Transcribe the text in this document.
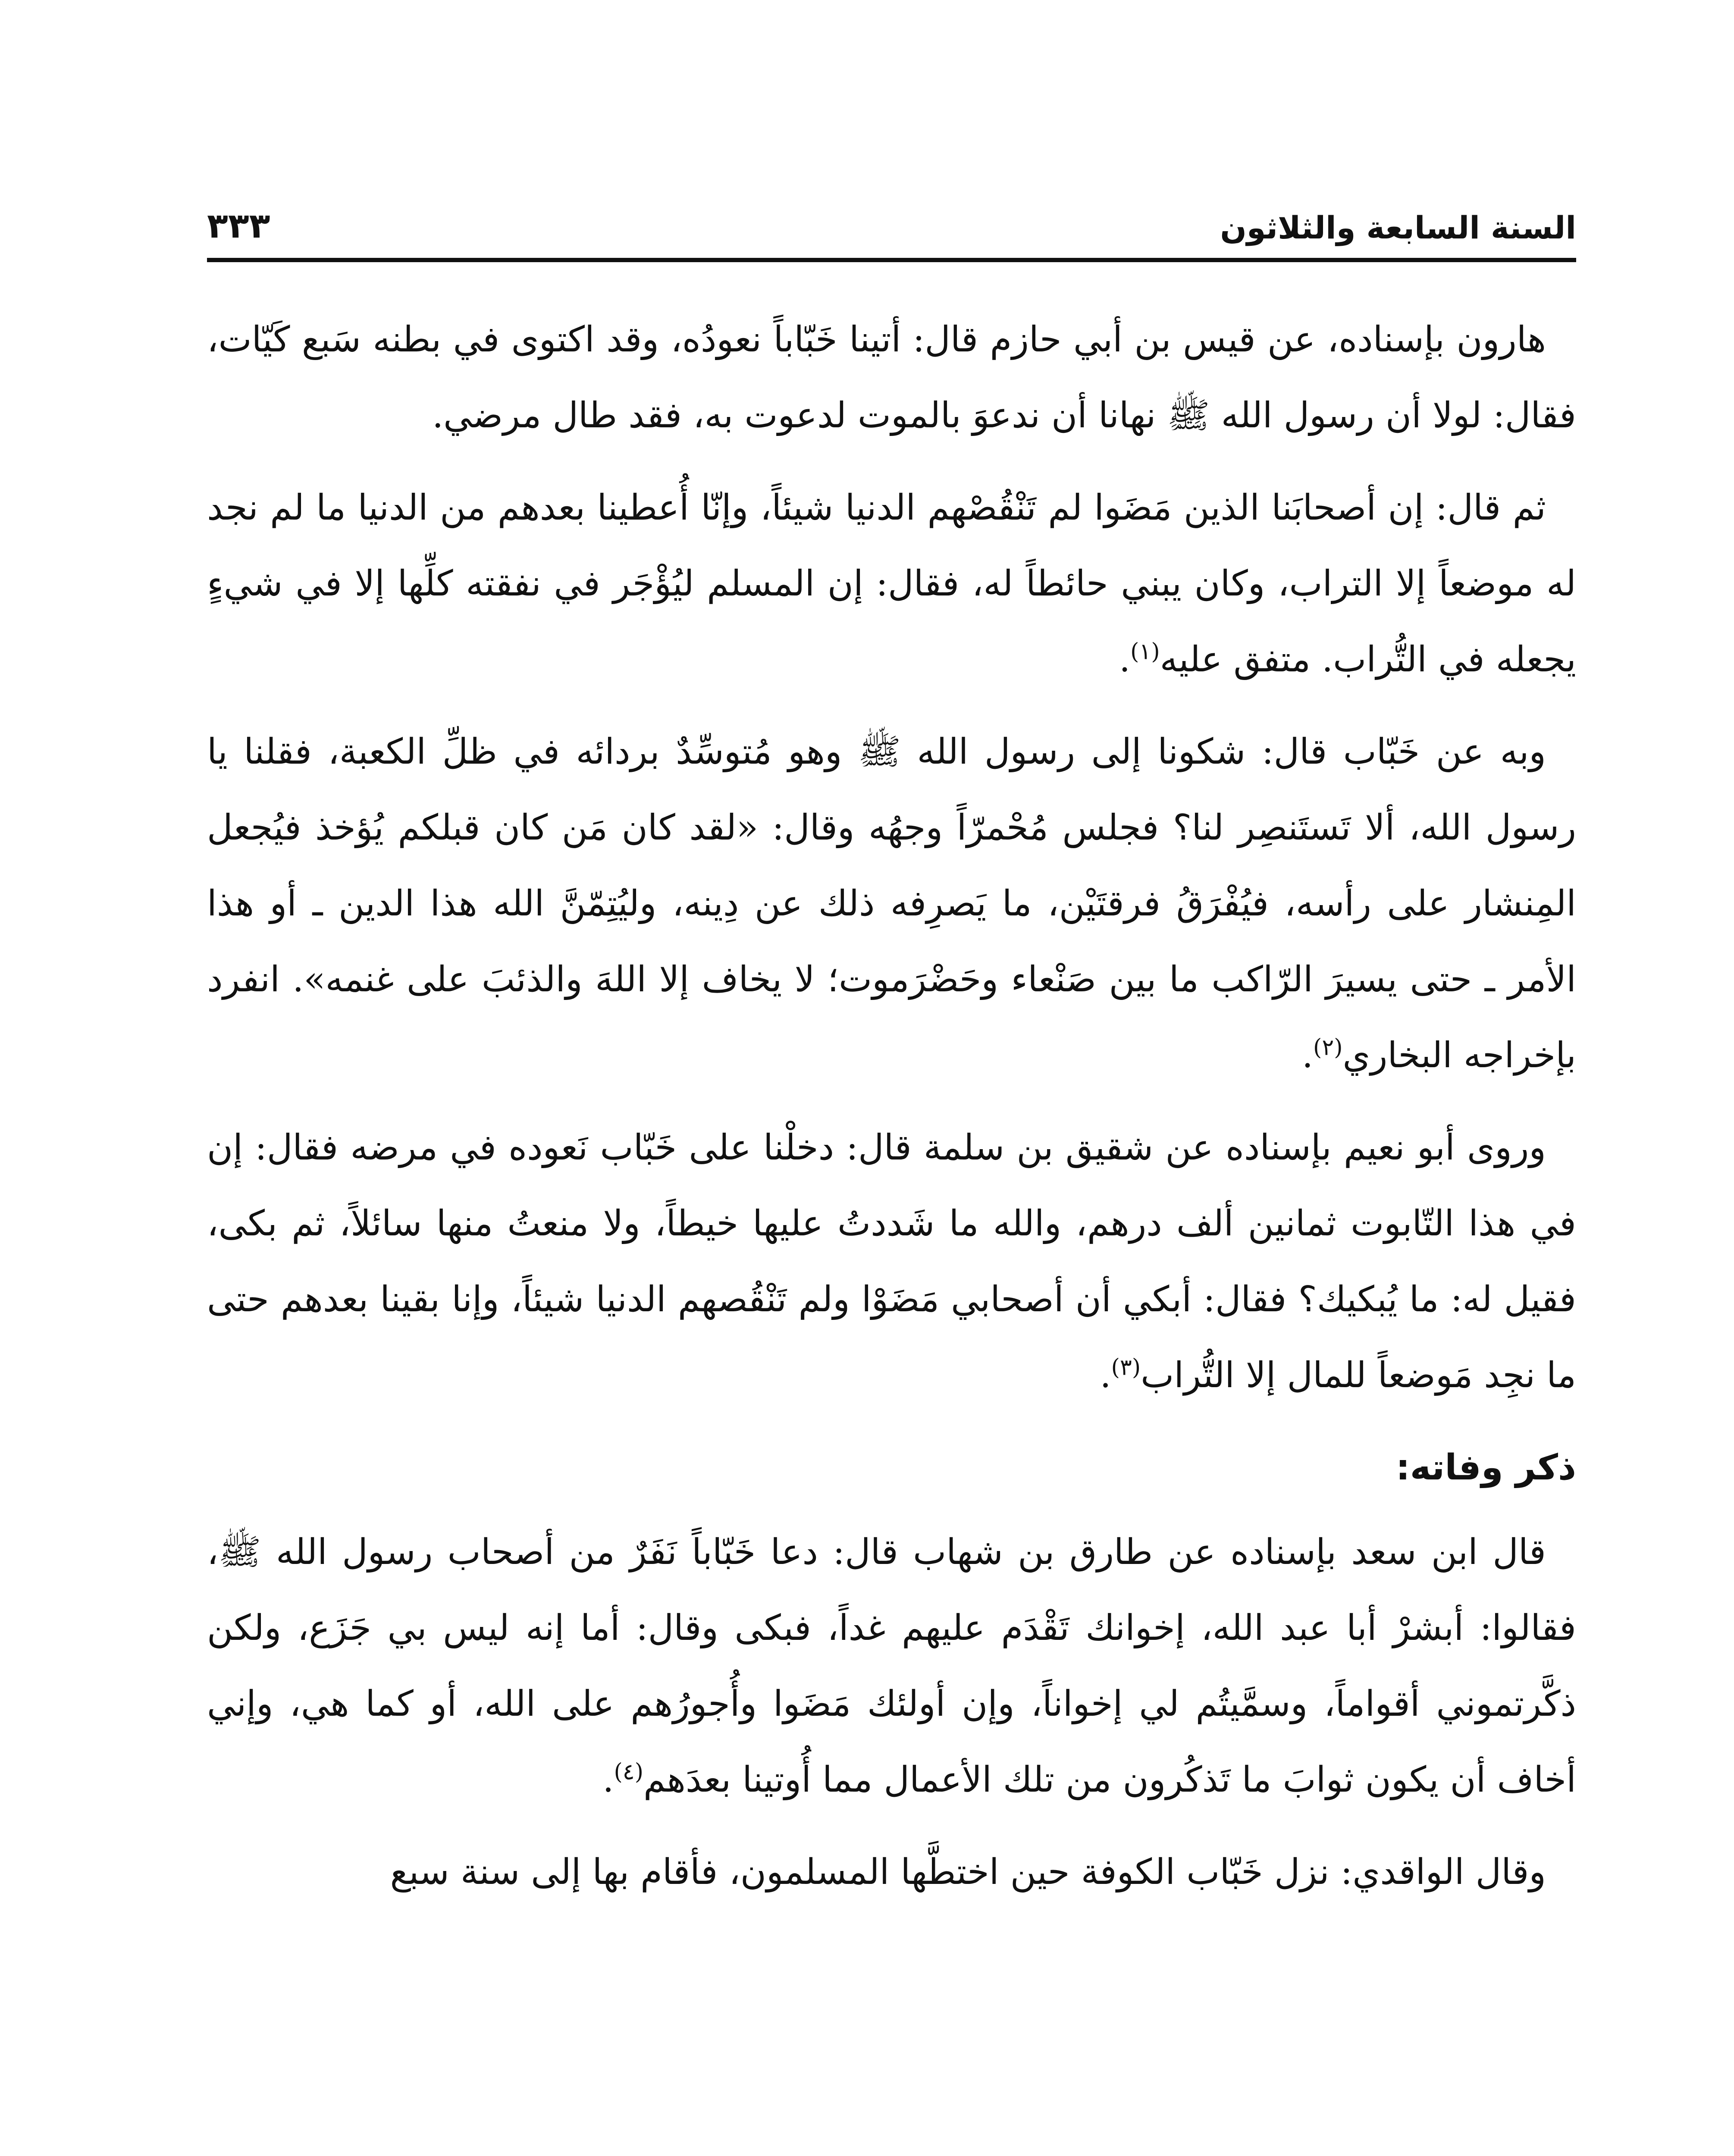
السنة السابعة والثلاثون
٣٣٣

هارون بإسناده، عن قيس بن أبي حازم قال: أتينا خَبّاباً نعودُه، وقد اكتوى في بطنه سَبع كَيّات، فقال: لولا أن رسول الله ﷺ نهانا أن ندعوَ بالموت لدعوت به، فقد طال مرضي.

ثم قال: إن أصحابَنا الذين مَضَوا لم تَنْقُصْهم الدنيا شيئاً، وإنّا أُعطينا بعدهم من الدنيا ما لم نجد له موضعاً إلا التراب، وكان يبني حائطاً له، فقال: إن المسلم ليُؤْجَر في نفقته كلِّها إلا في شيءٍ يجعله في التُّراب. متفق عليه$^{(١)}$.

وبه عن خَبّاب قال: شكونا إلى رسول الله ﷺ وهو مُتوسِّدٌ بردائه في ظلِّ الكعبة، فقلنا يا رسول الله، ألا تَستَنصِر لنا؟ فجلس مُحْمرّاً وجهُه وقال: «لقد كان مَن كان قبلكم يُؤخذ فيُجعل المِنشار على رأسه، فيُفْرَقُ فرقتَيْن، ما يَصرِفه ذلك عن دِينه، وليُتِمّنَّ الله هذا الدين ـ أو هذا الأمر ـ حتى يسيرَ الرّاكب ما بين صَنْعاء وحَضْرَموت؛ لا يخاف إلا اللهَ والذئبَ على غنمه». انفرد بإخراجه البخاري$^{(٢)}$.

وروى أبو نعيم بإسناده عن شقيق بن سلمة قال: دخلْنا على خَبّاب نَعوده في مرضه فقال: إن في هذا التّابوت ثمانين ألف درهم، والله ما شَددتُ عليها خيطاً، ولا منعتُ منها سائلاً، ثم بكى، فقيل له: ما يُبكيك؟ فقال: أبكي أن أصحابي مَضَوْا ولم تَنْقُصهم الدنيا شيئاً، وإنا بقينا بعدهم حتى ما نجِد مَوضعاً للمال إلا التُّراب$^{(٣)}$.

ذكر وفاته:

قال ابن سعد بإسناده عن طارق بن شهاب قال: دعا خَبّاباً نَفَرٌ من أصحاب رسول الله ﷺ، فقالوا: أبشرْ أبا عبد الله، إخوانك تَقْدَم عليهم غداً، فبكى وقال: أما إنه ليس بي جَزَع، ولكن ذكَّرتموني أقواماً، وسمَّيتُم لي إخواناً، وإن أولئك مَضَوا وأُجورُهم على الله، أو كما هي، وإني أخاف أن يكون ثوابَ ما تَذكُرون من تلك الأعمال مما أُوتينا بعدَهم$^{(٤)}$.

وقال الواقدي: نزل خَبّاب الكوفة حين اختطَّها المسلمون، فأقام بها إلى سنة سبع
